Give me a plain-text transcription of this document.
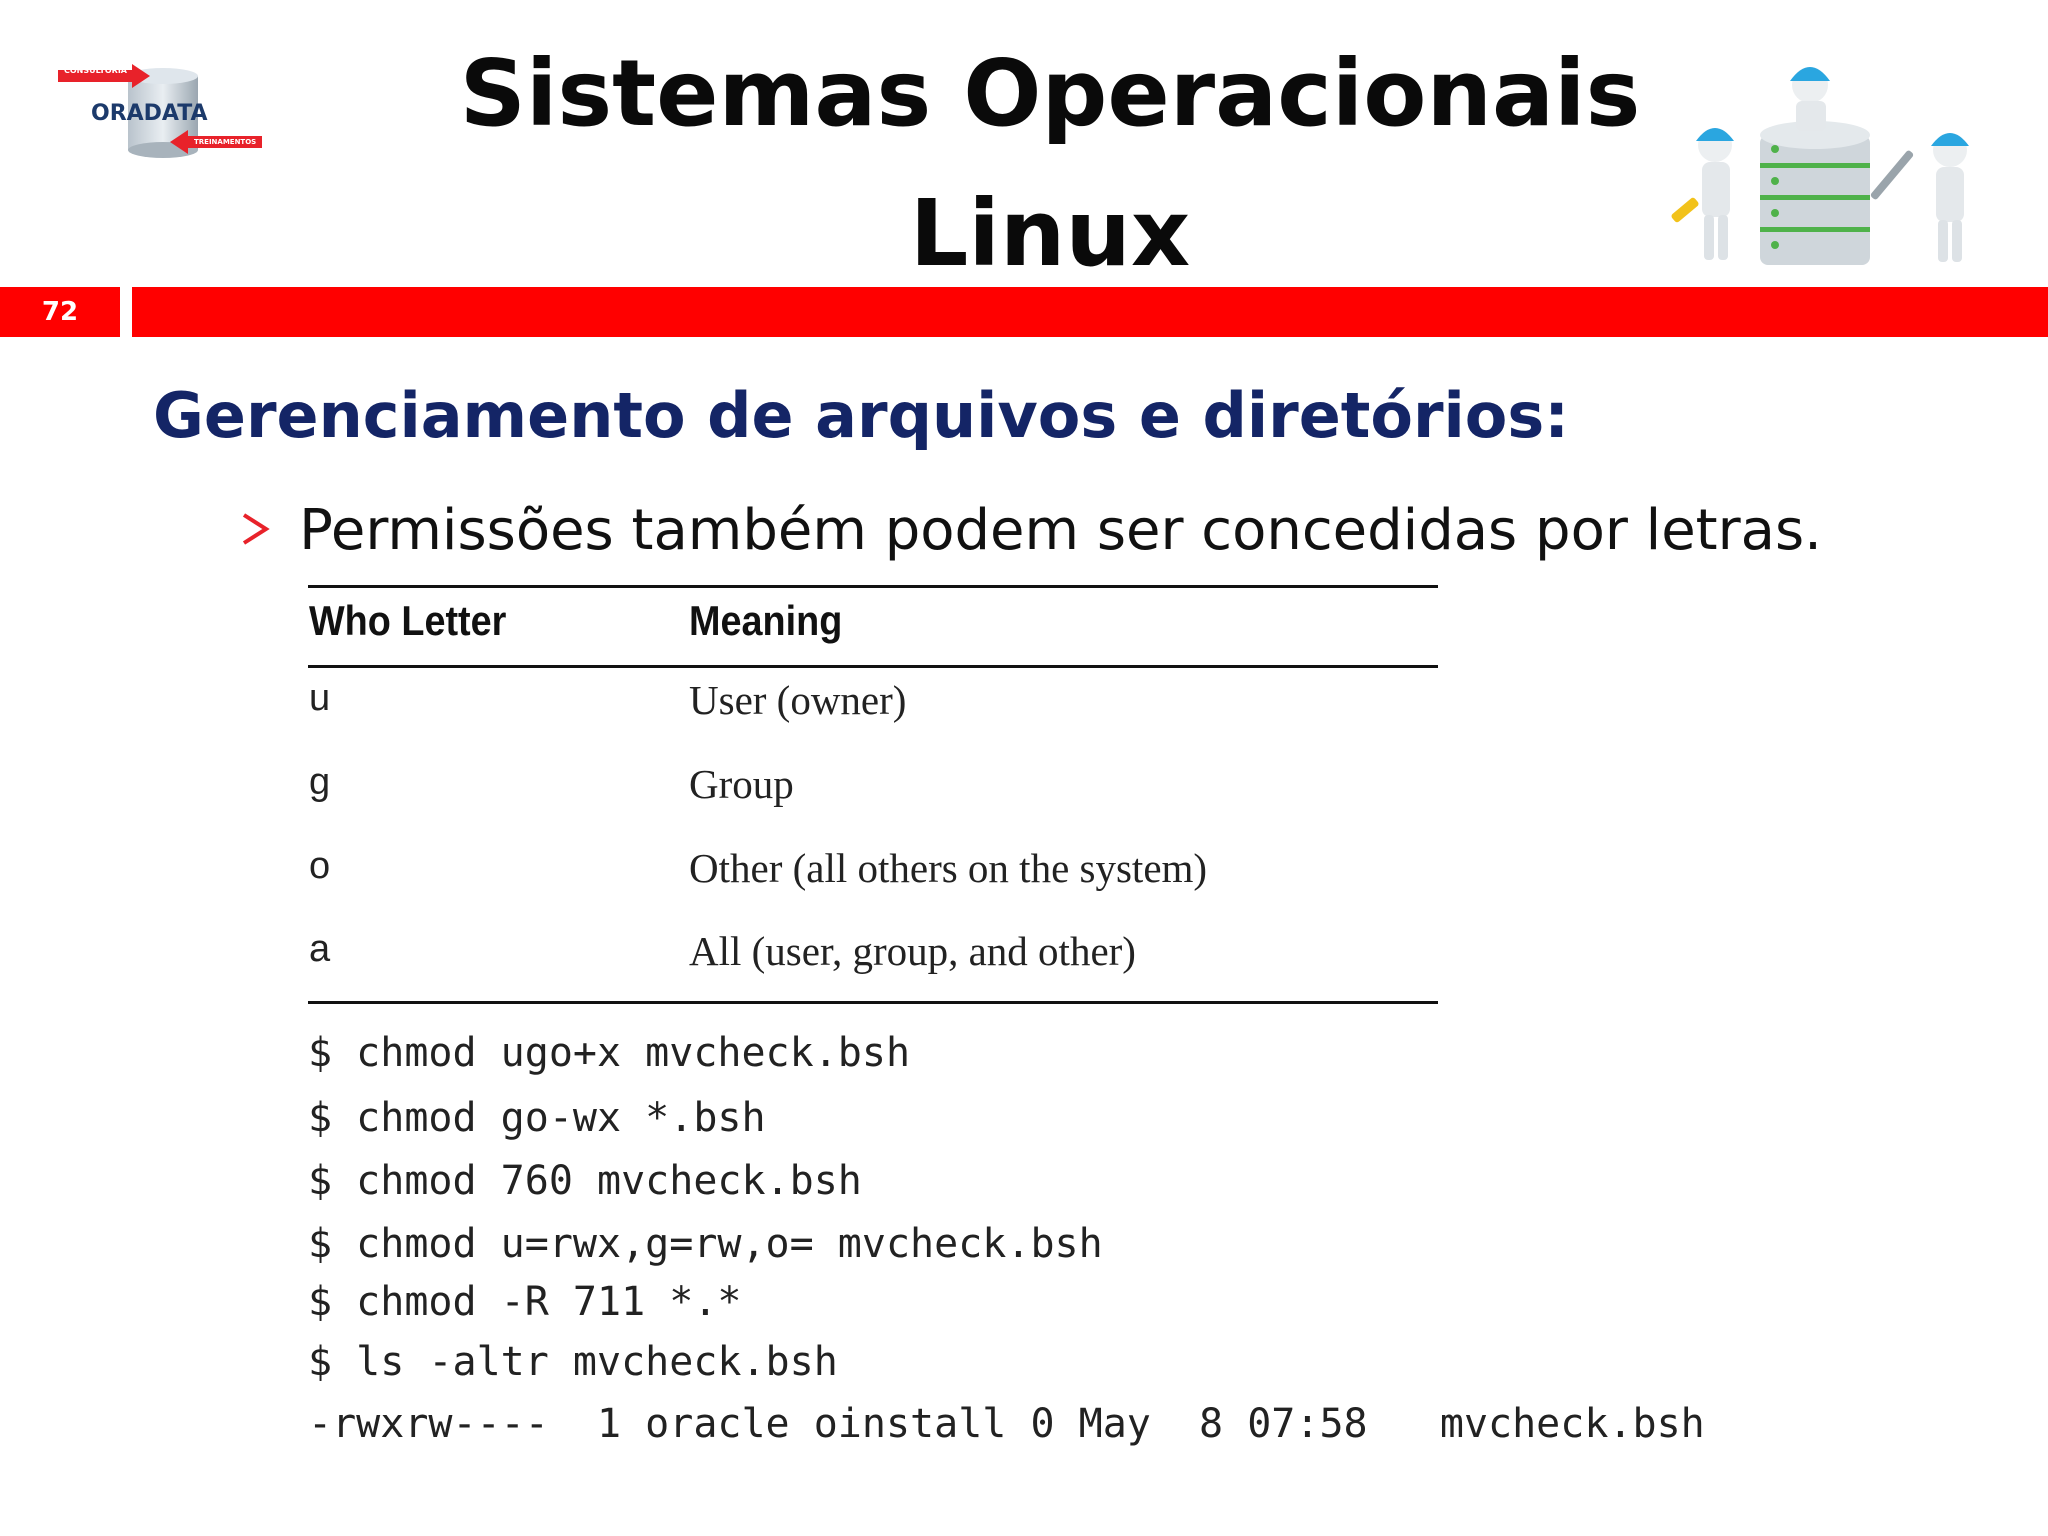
CONSULTORIA
ORADATA
TREINAMENTOS	Sistemas Operacionais
Linux
72
Gerenciamento de arquivos e diretórios:
Permissões também podem ser concedidas por letras.
Who Letter	Meaning
u	User (owner)
g	Group
o	Other (all others on the system)
a	All (user, group, and other)
$ chmod ugo+x mvcheck.bsh
$ chmod go-wx *.bsh
$ chmod 760 mvcheck.bsh
$ chmod u=rwx,g=rw,o= mvcheck.bsh
$ chmod -R 711 *.*
$ ls -altr mvcheck.bsh
-rwxrw----  1 oracle oinstall 0 May  8 07:58   mvcheck.bsh
